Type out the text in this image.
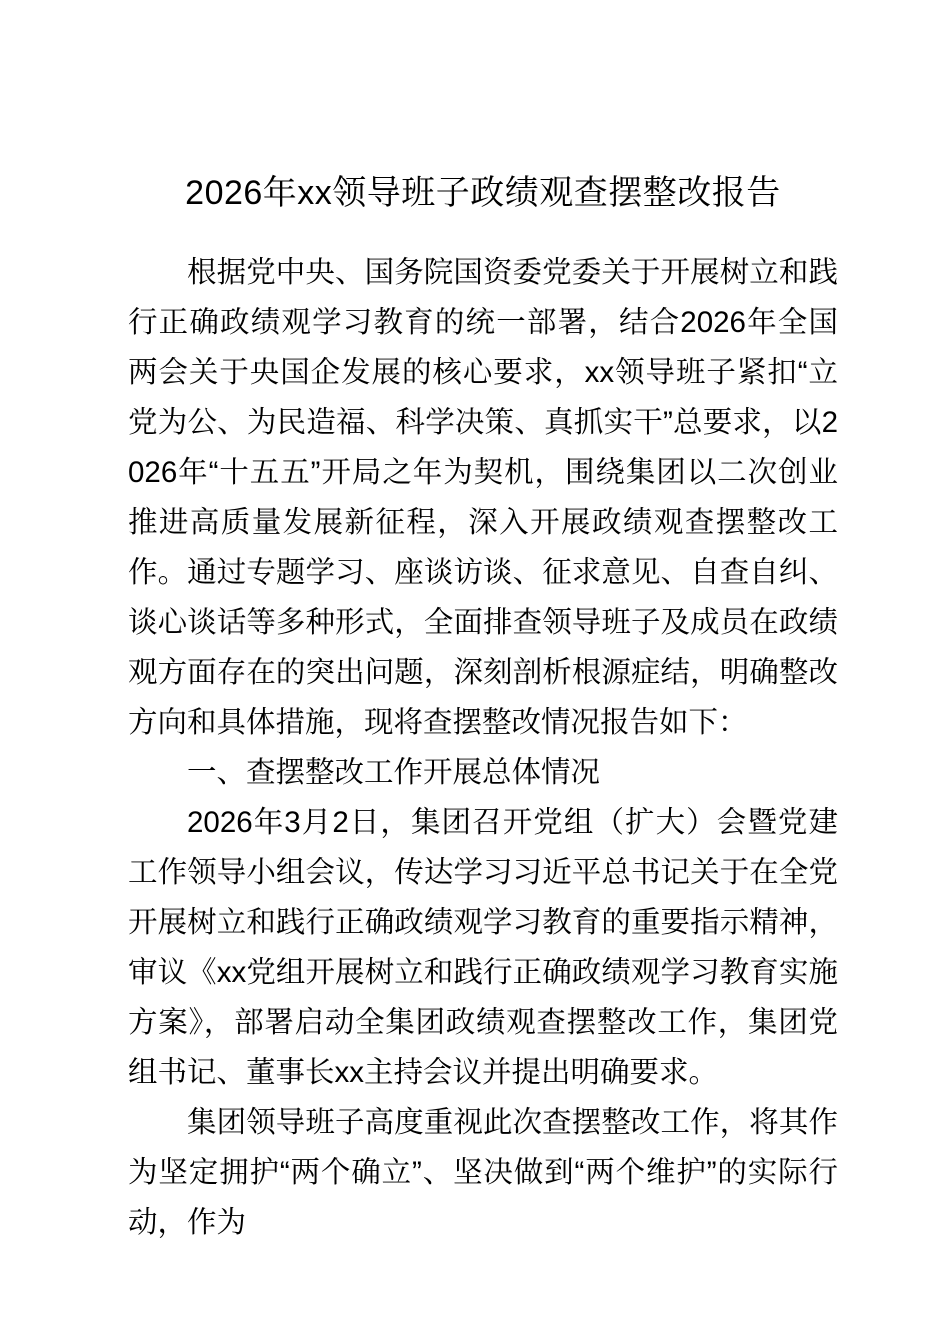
2026年xx领导班子政绩观查摆整改报告

根据党中央、国务院国资委党委关于开展树立和践行正确政绩观学习教育的统一部署，结合2026年全国两会关于央国企发展的核心要求，xx领导班子紧扣“立党为公、为民造福、科学决策、真抓实干”总要求，以2026年“十五五”开局之年为契机，围绕集团以二次创业推进高质量发展新征程，深入开展政绩观查摆整改工作。通过专题学习、座谈访谈、征求意见、自查自纠、谈心谈话等多种形式，全面排查领导班子及成员在政绩观方面存在的突出问题，深刻剖析根源症结，明确整改方向和具体措施，现将查摆整改情况报告如下：

一、查摆整改工作开展总体情况

2026年3月2日，集团召开党组（扩大）会暨党建工作领导小组会议，传达学习习近平总书记关于在全党开展树立和践行正确政绩观学习教育的重要指示精神，审议《xx党组开展树立和践行正确政绩观学习教育实施方案》，部署启动全集团政绩观查摆整改工作，集团党组书记、董事长xx主持会议并提出明确要求。

集团领导班子高度重视此次查摆整改工作，将其作为坚定拥护“两个确立”、坚决做到“两个维护”的实际行动，作为
